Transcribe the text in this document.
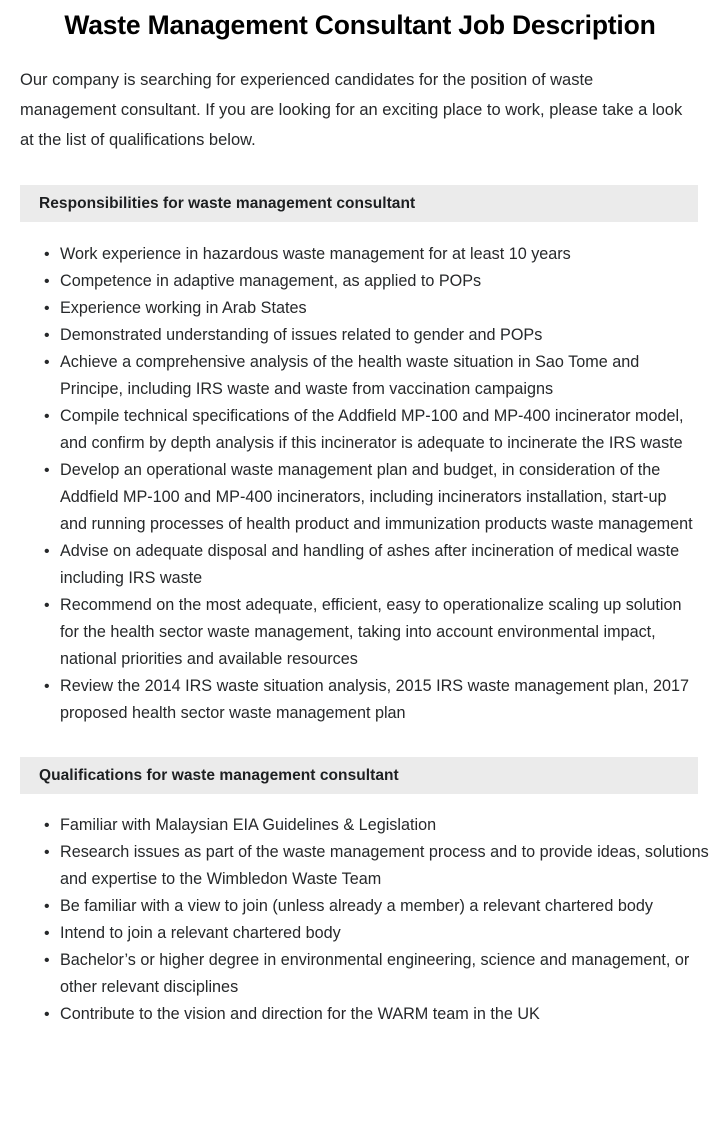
Waste Management Consultant Job Description

Our company is searching for experienced candidates for the position of waste management consultant. If you are looking for an exciting place to work, please take a look at the list of qualifications below.

Responsibilities for waste management consultant
• Work experience in hazardous waste management for at least 10 years
• Competence in adaptive management, as applied to POPs
• Experience working in Arab States
• Demonstrated understanding of issues related to gender and POPs
• Achieve a comprehensive analysis of the health waste situation in Sao Tome and Principe, including IRS waste and waste from vaccination campaigns
• Compile technical specifications of the Addfield MP-100 and MP-400 incinerator model, and confirm by depth analysis if this incinerator is adequate to incinerate the IRS waste
• Develop an operational waste management plan and budget, in consideration of the Addfield MP-100 and MP-400 incinerators, including incinerators installation, start-up and running processes of health product and immunization products waste management
• Advise on adequate disposal and handling of ashes after incineration of medical waste including IRS waste
• Recommend on the most adequate, efficient, easy to operationalize scaling up solution for the health sector waste management, taking into account environmental impact, national priorities and available resources
• Review the 2014 IRS waste situation analysis, 2015 IRS waste management plan, 2017 proposed health sector waste management plan
Qualifications for waste management consultant
• Familiar with Malaysian EIA Guidelines & Legislation
• Research issues as part of the waste management process and to provide ideas, solutions and expertise to the Wimbledon Waste Team
• Be familiar with a view to join (unless already a member) a relevant chartered body
• Intend to join a relevant chartered body
• Bachelor’s or higher degree in environmental engineering, science and management, or other relevant disciplines
• Contribute to the vision and direction for the WARM team in the UK
